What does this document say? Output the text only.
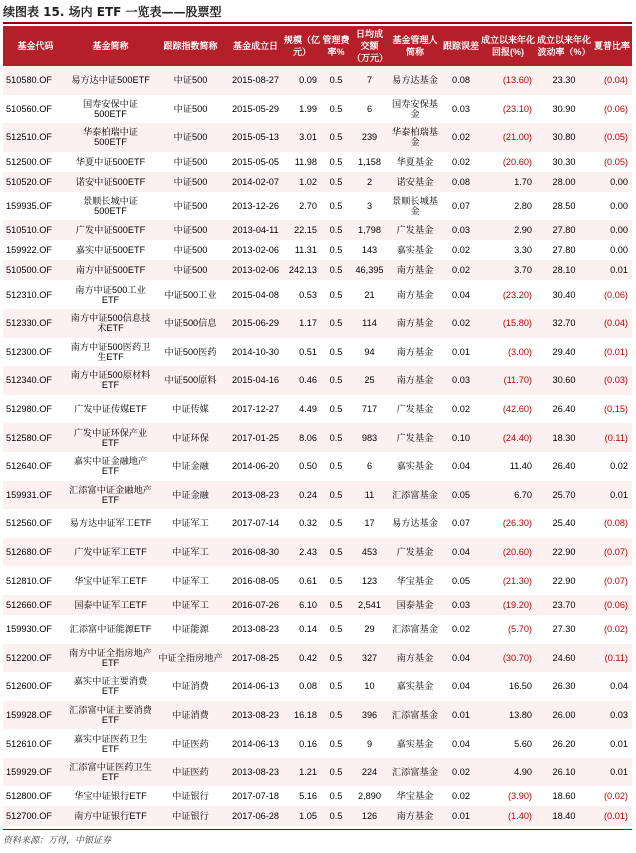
续图表 15. 场内 ETF 一览表——股票型
基金代码	基金简称	跟踪指数简称	基金成立日	规模（亿元）	管理费率%	日均成交额（万元）	基金管理人简称	跟踪误差	成立以来年化回报(%)	成立以来年化波动率（%）	夏普比率
510580.OF	易方达中证500ETF	中证500	2015-08-27	0.09	0.5	7	易方达基金	0.08	(13.60)	23.30	(0.04)
510560.OF	国寿安保中证500ETF	中证500	2015-05-29	1.99	0.5	6	国寿安保基金	0.03	(23.10)	30.90	(0.06)
512510.OF	华泰柏瑞中证500ETF	中证500	2015-05-13	3.01	0.5	239	华泰柏瑞基金	0.02	(21.00)	30.80	(0.05)
512500.OF	华夏中证500ETF	中证500	2015-05-05	11.98	0.5	1,158	华夏基金	0.02	(20.60)	30.30	(0.05)
510520.OF	诺安中证500ETF	中证500	2014-02-07	1.02	0.5	2	诺安基金	0.08	1.70	28.00	0.00
159935.OF	景顺长城中证500ETF	中证500	2013-12-26	2.70	0.5	3	景顺长城基金	0.07	2.80	28.50	0.00
510510.OF	广发中证500ETF	中证500	2013-04-11	22.15	0.5	1,798	广发基金	0.03	2.90	27.80	0.00
159922.OF	嘉实中证500ETF	中证500	2013-02-06	11.31	0.5	143	嘉实基金	0.02	3.30	27.80	0.00
510500.OF	南方中证500ETF	中证500	2013-02-06	242.13	0.5	46,395	南方基金	0.02	3.70	28.10	0.01
512310.OF	南方中证500工业ETF	中证500工业	2015-04-08	0.53	0.5	21	南方基金	0.04	(23.20)	30.40	(0.06)
512330.OF	南方中证500信息技术ETF	中证500信息	2015-06-29	1.17	0.5	114	南方基金	0.02	(15.80)	32.70	(0.04)
512300.OF	南方中证500医药卫生ETF	中证500医药	2014-10-30	0.51	0.5	94	南方基金	0.01	(3.00)	29.40	(0.01)
512340.OF	南方中证500原材料ETF	中证500原料	2015-04-16	0.46	0.5	25	南方基金	0.03	(11.70)	30.60	(0.03)
512980.OF	广发中证传媒ETF	中证传媒	2017-12-27	4.49	0.5	717	广发基金	0.02	(42.60)	26.40	(0.15)
512580.OF	广发中证环保产业ETF	中证环保	2017-01-25	8.06	0.5	983	广发基金	0.10	(24.40)	18.30	(0.11)
512640.OF	嘉实中证金融地产ETF	中证金融	2014-06-20	0.50	0.5	6	嘉实基金	0.04	11.40	26.40	0.02
159931.OF	汇添富中证金融地产ETF	中证金融	2013-08-23	0.24	0.5	11	汇添富基金	0.05	6.70	25.70	0.01
512560.OF	易方达中证军工ETF	中证军工	2017-07-14	0.32	0.5	17	易方达基金	0.07	(26.30)	25.40	(0.08)
512680.OF	广发中证军工ETF	中证军工	2016-08-30	2.43	0.5	453	广发基金	0.04	(20.60)	22.90	(0.07)
512810.OF	华宝中证军工ETF	中证军工	2016-08-05	0.61	0.5	123	华宝基金	0.05	(21.30)	22.90	(0.07)
512660.OF	国泰中证军工ETF	中证军工	2016-07-26	6.10	0.5	2,541	国泰基金	0.03	(19.20)	23.70	(0.06)
159930.OF	汇添富中证能源ETF	中证能源	2013-08-23	0.14	0.5	29	汇添富基金	0.02	(5.70)	27.30	(0.02)
512200.OF	南方中证全指房地产ETF	中证全指房地产	2017-08-25	0.42	0.5	327	南方基金	0.04	(30.70)	24.60	(0.11)
512600.OF	嘉实中证主要消费ETF	中证消费	2014-06-13	0.08	0.5	10	嘉实基金	0.04	16.50	26.30	0.04
159928.OF	汇添富中证主要消费ETF	中证消费	2013-08-23	16.18	0.5	396	汇添富基金	0.01	13.80	26.00	0.03
512610.OF	嘉实中证医药卫生ETF	中证医药	2014-06-13	0.16	0.5	9	嘉实基金	0.04	5.60	26.20	0.01
159929.OF	汇添富中证医药卫生ETF	中证医药	2013-08-23	1.21	0.5	224	汇添富基金	0.02	4.90	26.10	0.01
512800.OF	华宝中证银行ETF	中证银行	2017-07-18	5.16	0.5	2,890	华宝基金	0.02	(3.90)	18.60	(0.02)
512700.OF	南方中证银行ETF	中证银行	2017-06-28	1.05	0.5	126	南方基金	0.01	(1.40)	18.40	(0.01)
资料来源：万得，中银证券
